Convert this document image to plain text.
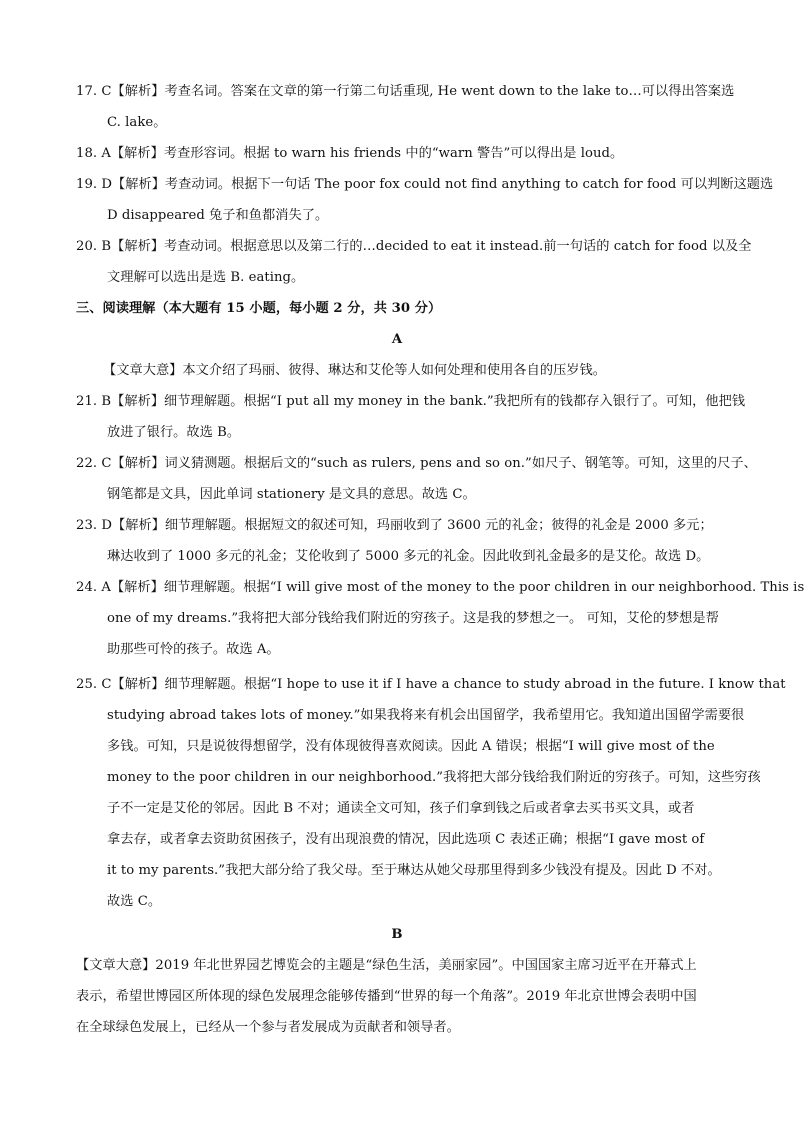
17. C【解析】考查名词。答案在文章的第一行第二句话重现, He went down to the lake to…可以得出答案选
C. lake。
18. A【解析】考查形容词。根据 to warn his friends 中的“warn 警告”可以得出是 loud。
19. D【解析】考查动词。根据下一句话 The poor fox could not find anything to catch for food 可以判断这题选
D disappeared 兔子和鱼都消失了。
20. B【解析】考查动词。根据意思以及第二行的…decided to eat it instead.前一句话的 catch for food 以及全
文理解可以选出是选 B. eating。
三、阅读理解（本大题有 15 小题，每小题 2 分，共 30 分）
A
【文章大意】本文介绍了玛丽、彼得、琳达和艾伦等人如何处理和使用各自的压岁钱。
21. B【解析】细节理解题。根据“I put all my money in the bank.”我把所有的钱都存入银行了。可知，他把钱
放进了银行。故选 B。
22. C【解析】词义猜测题。根据后文的“such as rulers, pens and so on.”如尺子、钢笔等。可知，这里的尺子、
钢笔都是文具，因此单词 stationery 是文具的意思。故选 C。
23. D【解析】细节理解题。根据短文的叙述可知，玛丽收到了 3600 元的礼金；彼得的礼金是 2000 多元；
琳达收到了 1000 多元的礼金；艾伦收到了 5000 多元的礼金。因此收到礼金最多的是艾伦。故选 D。
24. A【解析】细节理解题。根据“I will give most of the money to the poor children in our neighborhood. This is
one of my dreams.”我将把大部分钱给我们附近的穷孩子。这是我的梦想之一。 可知，艾伦的梦想是帮
助那些可怜的孩子。故选 A。
25. C【解析】细节理解题。根据“I hope to use it if I have a chance to study abroad in the future. I know that
studying abroad takes lots of money.”如果我将来有机会出国留学，我希望用它。我知道出国留学需要很
多钱。可知，只是说彼得想留学，没有体现彼得喜欢阅读。因此 A 错误；根据“I will give most of the
money to the poor children in our neighborhood.”我将把大部分钱给我们附近的穷孩子。可知，这些穷孩
子不一定是艾伦的邻居。因此 B 不对；通读全文可知，孩子们拿到钱之后或者拿去买书买文具，或者
拿去存，或者拿去资助贫困孩子，没有出现浪费的情况，因此选项 C 表述正确；根据“I gave most of
it to my parents.”我把大部分给了我父母。至于琳达从她父母那里得到多少钱没有提及。因此 D 不对。
故选 C。
B
【文章大意】2019 年北世界园艺博览会的主题是“绿色生活，美丽家园”。中国国家主席习近平在开幕式上
表示，希望世博园区所体现的绿色发展理念能够传播到“世界的每一个角落”。2019 年北京世博会表明中国
在全球绿色发展上，已经从一个参与者发展成为贡献者和领导者。
